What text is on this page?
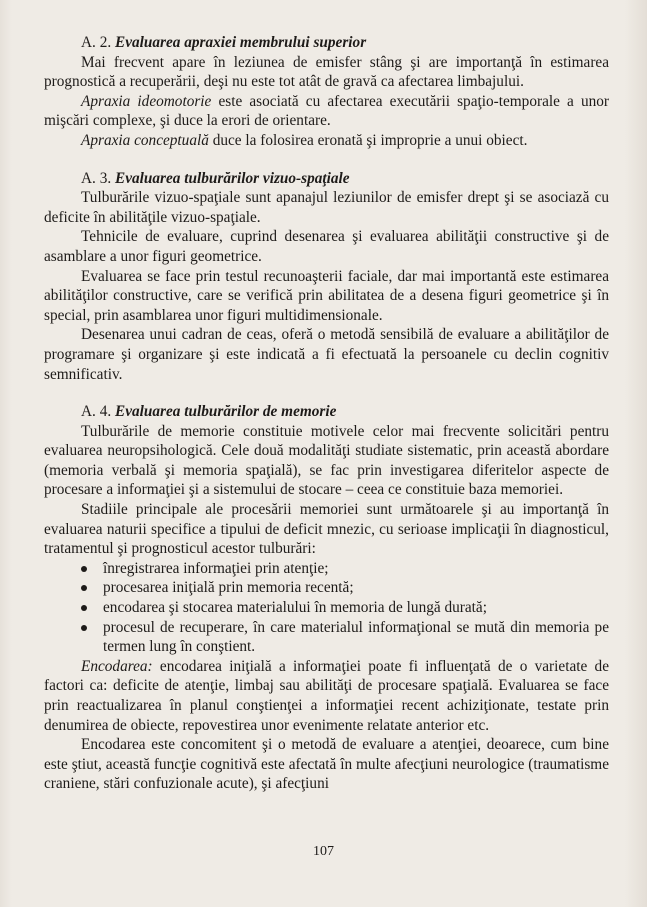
A. 2. Evaluarea apraxiei membrului superior

Mai frecvent apare în leziunea de emisfer stâng şi are importanţă în estimarea prognostică a recuperării, deşi nu este tot atât de gravă ca afectarea limbajului.

Apraxia ideomotorie este asociată cu afectarea executării spaţio-temporale a unor mişcări complexe, şi duce la erori de orientare.

Apraxia conceptuală duce la folosirea eronată şi improprie a unui obiect.

A. 3. Evaluarea tulburărilor vizuo-spaţiale

Tulburările vizuo-spaţiale sunt apanajul leziunilor de emisfer drept şi se asociază cu deficite în abilităţile vizuo-spaţiale.

Tehnicile de evaluare, cuprind desenarea şi evaluarea abilităţii constructive şi de asamblare a unor figuri geometrice.

Evaluarea se face prin testul recunoaşterii faciale, dar mai importantă este estimarea abilităţilor constructive, care se verifică prin abilitatea de a desena figuri geometrice şi în special, prin asamblarea unor figuri multidimensionale.

Desenarea unui cadran de ceas, oferă o metodă sensibilă de evaluare a abilităţilor de programare şi organizare şi este indicată a fi efectuată la persoanele cu declin cognitiv semnificativ.

A. 4. Evaluarea tulburărilor de memorie

Tulburările de memorie constituie motivele celor mai frecvente solicitări pentru evaluarea neuropsihologică. Cele două modalităţi studiate sistematic, prin această abordare (memoria verbală şi memoria spaţială), se fac prin investigarea diferitelor aspecte de procesare a informaţiei şi a sistemului de stocare – ceea ce constituie baza memoriei.

Stadiile principale ale procesării memoriei sunt următoarele şi au importanţă în evaluarea naturii specifice a tipului de deficit mnezic, cu serioase implicaţii în diagnosticul, tratamentul şi prognosticul acestor tulburări:

înregistrarea informaţiei prin atenţie;
procesarea iniţială prin memoria recentă;
encodarea şi stocarea materialului în memoria de lungă durată;
procesul de recuperare, în care materialul informaţional se mută din memoria pe termen lung în conştient.

Encodarea: encodarea iniţială a informaţiei poate fi influenţată de o varietate de factori ca: deficite de atenţie, limbaj sau abilităţi de procesare spaţială. Evaluarea se face prin reactualizarea în planul conştienţei a informaţiei recent achiziţionate, testate prin denumirea de obiecte, repovestirea unor evenimente relatate anterior etc.

Encodarea este concomitent şi o metodă de evaluare a atenţiei, deoarece, cum bine este ştiut, această funcţie cognitivă este afectată în multe afecţiuni neurologice (traumatisme craniene, stări confuzionale acute), şi afecţiuni

107
